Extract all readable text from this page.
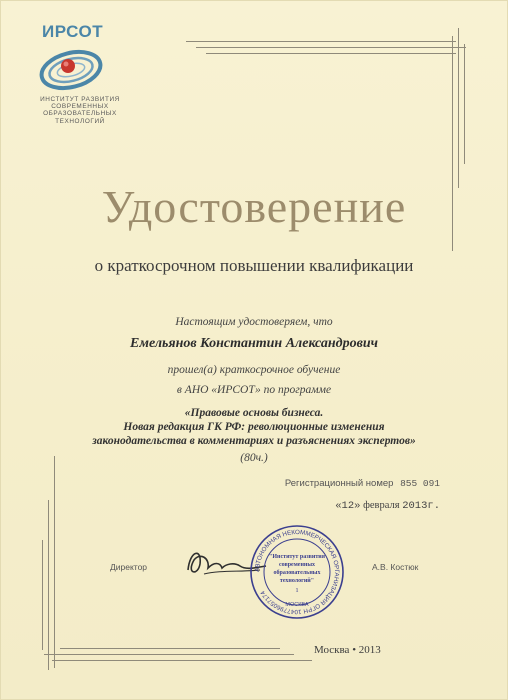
ИРСОТ
ИНСТИТУТ РАЗВИТИЯ
СОВРЕМЕННЫХ
ОБРАЗОВАТЕЛЬНЫХ
ТЕХНОЛОГИЙ
Удостоверение
о краткосрочном повышении квалификации
Настоящим удостоверяем, что
Емельянов Константин Александрович
прошел(а) краткосрочное обучение
в АНО «ИРСОТ» по программе
«Правовые основы бизнеса.
Новая редакция ГК РФ: революционные изменения
законодательства в комментариях и разъяснениях экспертов»
(80ч.)
Регистрационный номер 855 091
«12» февраля 2013г.
Директор	АВТОНОМНАЯ НЕКОММЕРЧЕСКАЯ ОРГАНИЗАЦИЯ ОГРН 1047796057174
"Институт развития
современных
образовательных
технологий"
1
МОСКВА
А.В. Костюк
Москва • 2013
